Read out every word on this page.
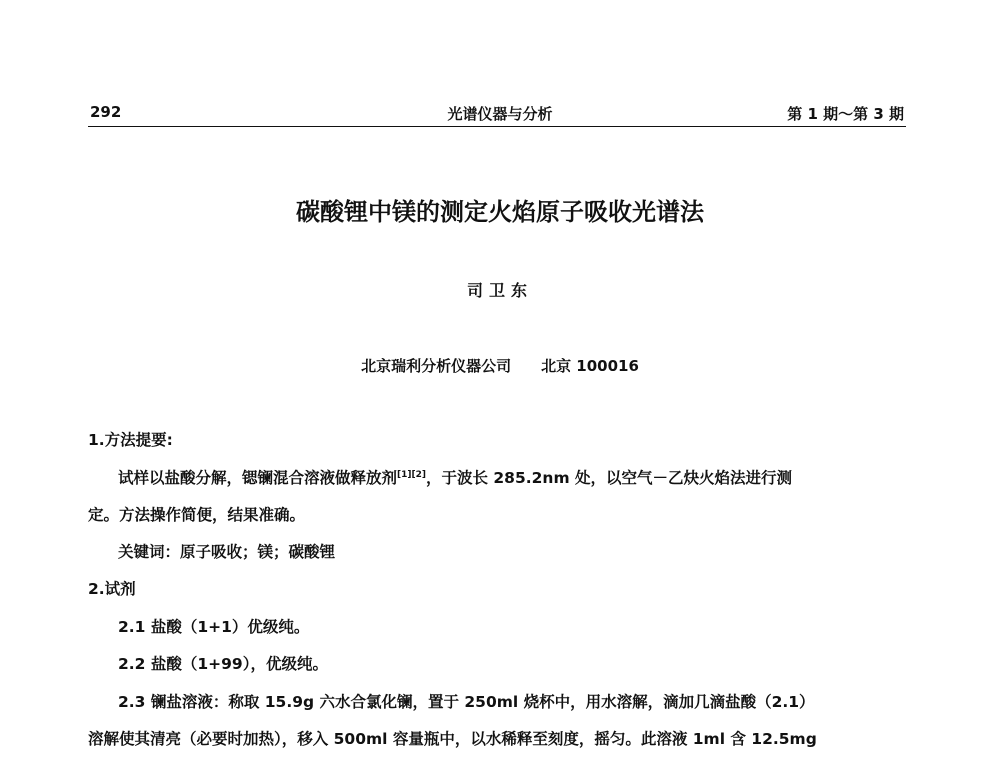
292	光谱仪器与分析	第 1 期～第 3 期
碳酸锂中镁的测定火焰原子吸收光谱法
司卫东
北京瑞利分析仪器公司　　北京 100016
1.方法提要:
试样以盐酸分解，锶镧混合溶液做释放剂[1][2]，于波长 285.2nm 处，以空气－乙炔火焰法进行测
定。方法操作简便，结果准确。
关键词：原子吸收；镁；碳酸锂
2.试剂
2.1 盐酸（1+1）优级纯。
2.2 盐酸（1+99），优级纯。
2.3 镧盐溶液：称取 15.9g 六水合氯化镧，置于 250ml 烧杯中，用水溶解，滴加几滴盐酸（2.1）
溶解使其清亮（必要时加热），移入 500ml 容量瓶中，以水稀释至刻度，摇匀。此溶液 1ml 含 12.5mg
